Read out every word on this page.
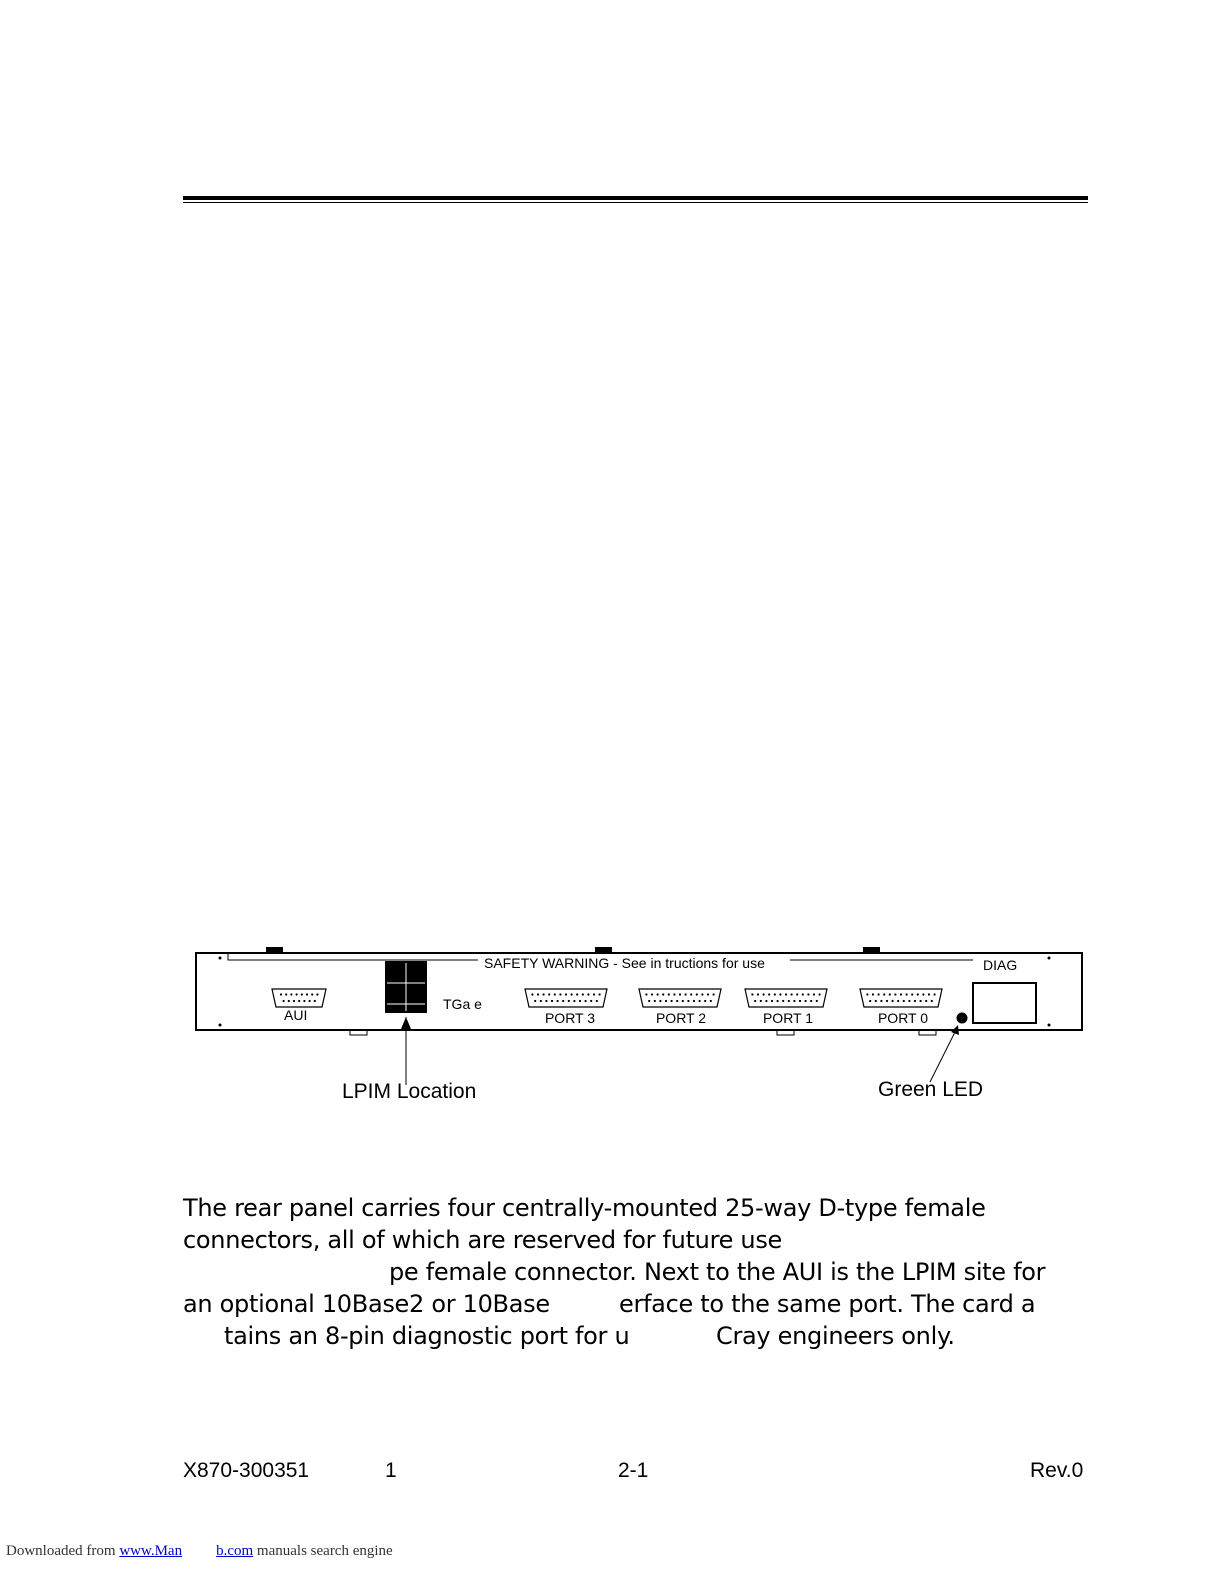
SAFETY WARNING - See in tructions for use	DIAG
AUI
TGa e
PORT 3	PORT 2	PORT 1	PORT 0
LPIM Location	Green LED
The rear panel carries four centrally-mounted 25-way D-type female
connectors, all of which are reserved for future use
pe female connector. Next to the AUI is the LPIM site for
an optional 10Base2 or 10Base	erface to the same port. The card a
tains an 8-pin diagnostic port for u	Cray engineers only.
X870-300351	1	2-1	Rev.0
Downloaded from www.Man b.com manuals search engine
